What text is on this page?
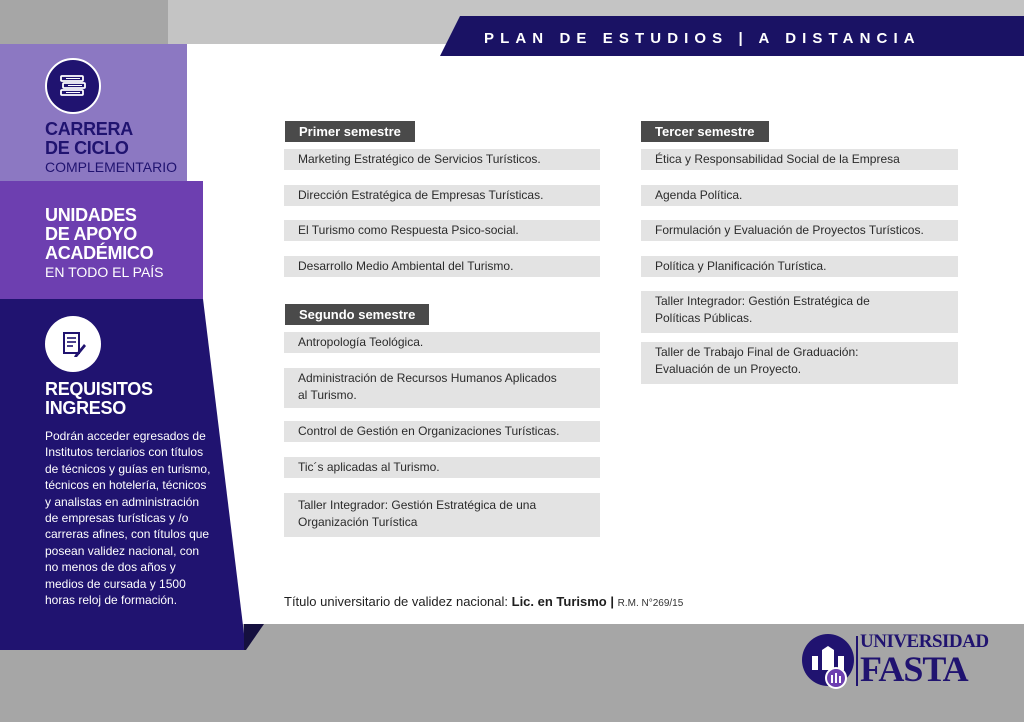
PLAN DE ESTUDIOS | A DISTANCIA
CARRERA
DE CICLO
COMPLEMENTARIO
UNIDADES
DE APOYO
ACADÉMICO
EN TODO EL PAÍS
REQUISITOS
INGRESO
Podrán acceder egresados de Institutos terciarios con títulos de técnicos y guías en turismo, técnicos en hotelería, técnicos y analistas en administración de empresas turísticas y /o carreras afines, con títulos que posean validez nacional, con no menos de dos años y medios de cursada y 1500 horas reloj de formación.
Primer semestre
Marketing Estratégico de Servicios Turísticos.
Dirección Estratégica de Empresas Turísticas.
El Turismo como Respuesta Psico-social.
Desarrollo Medio Ambiental del Turismo.
Segundo semestre
Antropología Teológica.
Administración de Recursos Humanos Aplicados al Turismo.
Control de Gestión en Organizaciones Turísticas.
Tic´s aplicadas al Turismo.
Taller Integrador: Gestión Estratégica de una Organización Turística
Tercer semestre
Ética y Responsabilidad Social de la Empresa
Agenda Política.
Formulación y Evaluación de Proyectos Turísticos.
Política y Planificación Turística.
Taller Integrador: Gestión Estratégica de Políticas Públicas.
Taller de Trabajo Final de Graduación: Evaluación de un Proyecto.
Título universitario de validez nacional: Lic. en Turismo | R.M. N°269/15
UNIVERSIDAD
FASTA
